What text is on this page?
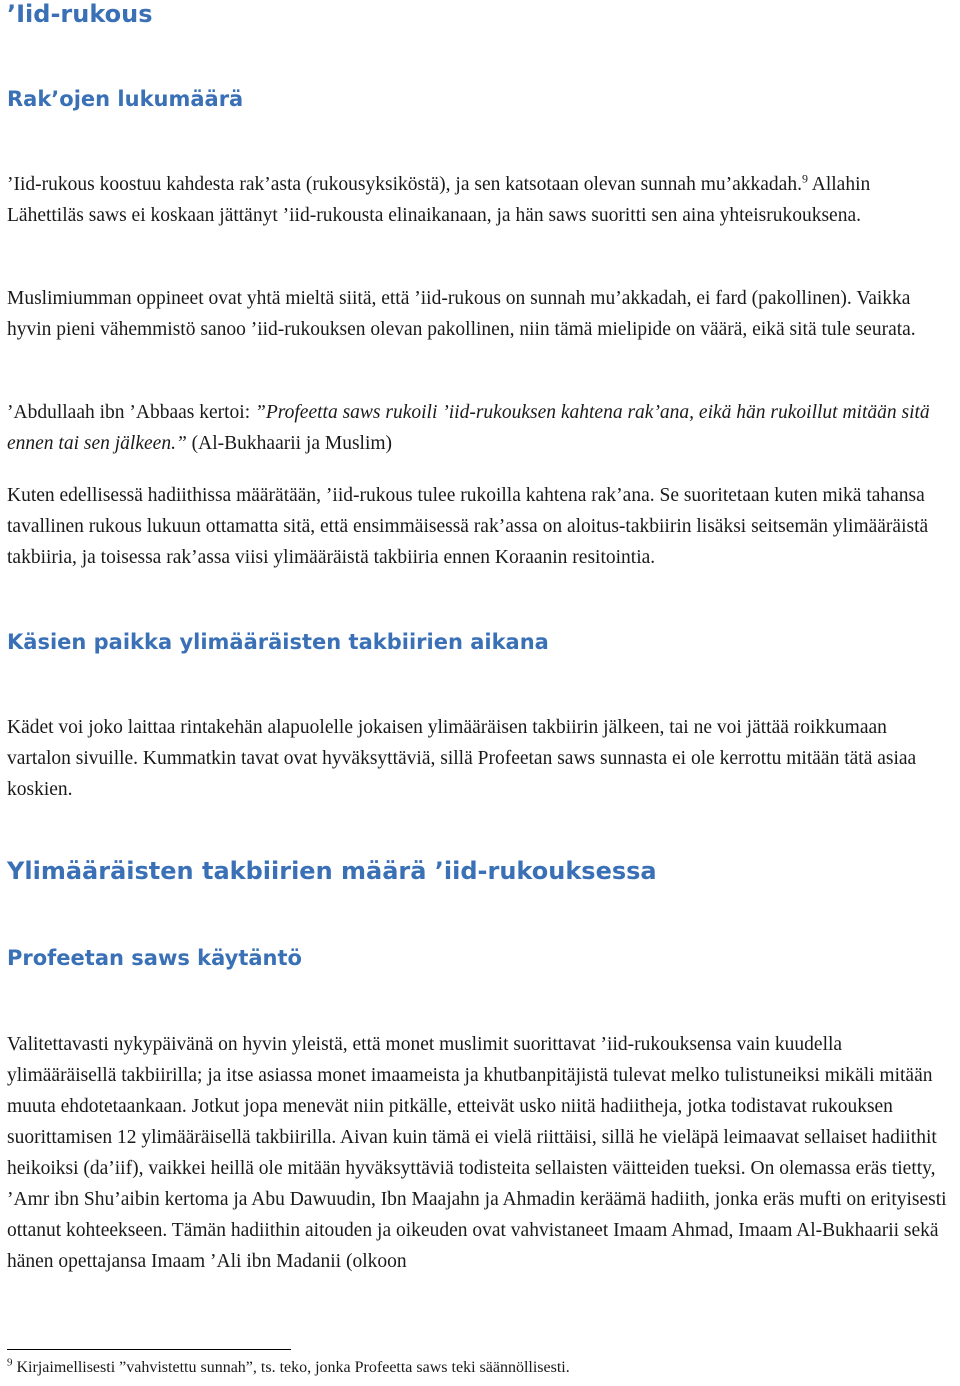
’Iid-rukous
Rak’ojen lukumäärä

’Iid-rukous koostuu kahdesta rak’asta (rukousyksiköstä), ja sen katsotaan olevan sunnah mu’akkadah.$^9$ Allahin Lähettiläs saws ei koskaan jättänyt ’iid-rukousta elinaikanaan, ja hän saws suoritti sen aina yhteisrukouksena.

Muslimiumman oppineet ovat yhtä mieltä siitä, että ’iid-rukous on sunnah mu’akkadah, ei fard (pakollinen). Vaikka hyvin pieni vähemmistö sanoo ’iid-rukouksen olevan pakollinen, niin tämä mielipide on väärä, eikä sitä tule seurata.

’Abdullaah ibn ’Abbaas kertoi: ”Profeetta saws rukoili ’iid-rukouksen kahtena rak’ana, eikä hän rukoillut mitään sitä ennen tai sen jälkeen.” (Al-Bukhaarii ja Muslim)

Kuten edellisessä hadiithissa määrätään, ’iid-rukous tulee rukoilla kahtena rak’ana. Se suoritetaan kuten mikä tahansa tavallinen rukous lukuun ottamatta sitä, että ensimmäisessä rak’assa on aloitus-takbiirin lisäksi seitsemän ylimääräistä takbiiria, ja toisessa rak’assa viisi ylimääräistä takbiiria ennen Koraanin resitointia.

Käsien paikka ylimääräisten takbiirien aikana

Kädet voi joko laittaa rintakehän alapuolelle jokaisen ylimääräisen takbiirin jälkeen, tai ne voi jättää roikkumaan vartalon sivuille. Kummatkin tavat ovat hyväksyttäviä, sillä Profeetan saws sunnasta ei ole kerrottu mitään tätä asiaa koskien.

Ylimääräisten takbiirien määrä ’iid-rukouksessa
Profeetan saws käytäntö

Valitettavasti nykypäivänä on hyvin yleistä, että monet muslimit suorittavat ’iid-rukouksensa vain kuudella ylimääräisellä takbiirilla; ja itse asiassa monet imaameista ja khutbanpitäjistä tulevat melko tulistuneiksi mikäli mitään muuta ehdotetaankaan. Jotkut jopa menevät niin pitkälle, etteivät usko niitä hadiitheja, jotka todistavat rukouksen suorittamisen 12 ylimääräisellä takbiirilla. Aivan kuin tämä ei vielä riittäisi, sillä he vieläpä leimaavat sellaiset hadiithit heikoiksi (da’iif), vaikkei heillä ole mitään hyväksyttäviä todisteita sellaisten väitteiden tueksi. On olemassa eräs tietty, ’Amr ibn Shu’aibin kertoma ja Abu Dawuudin, Ibn Maajahn ja Ahmadin keräämä hadiith, jonka eräs mufti on erityisesti ottanut kohteekseen. Tämän hadiithin aitouden ja oikeuden ovat vahvistaneet Imaam Ahmad, Imaam Al-Bukhaarii sekä hänen opettajansa Imaam ’Ali ibn Madanii (olkoon

$^9$ Kirjaimellisesti ”vahvistettu sunnah”, ts. teko, jonka Profeetta saws teki säännöllisesti.
